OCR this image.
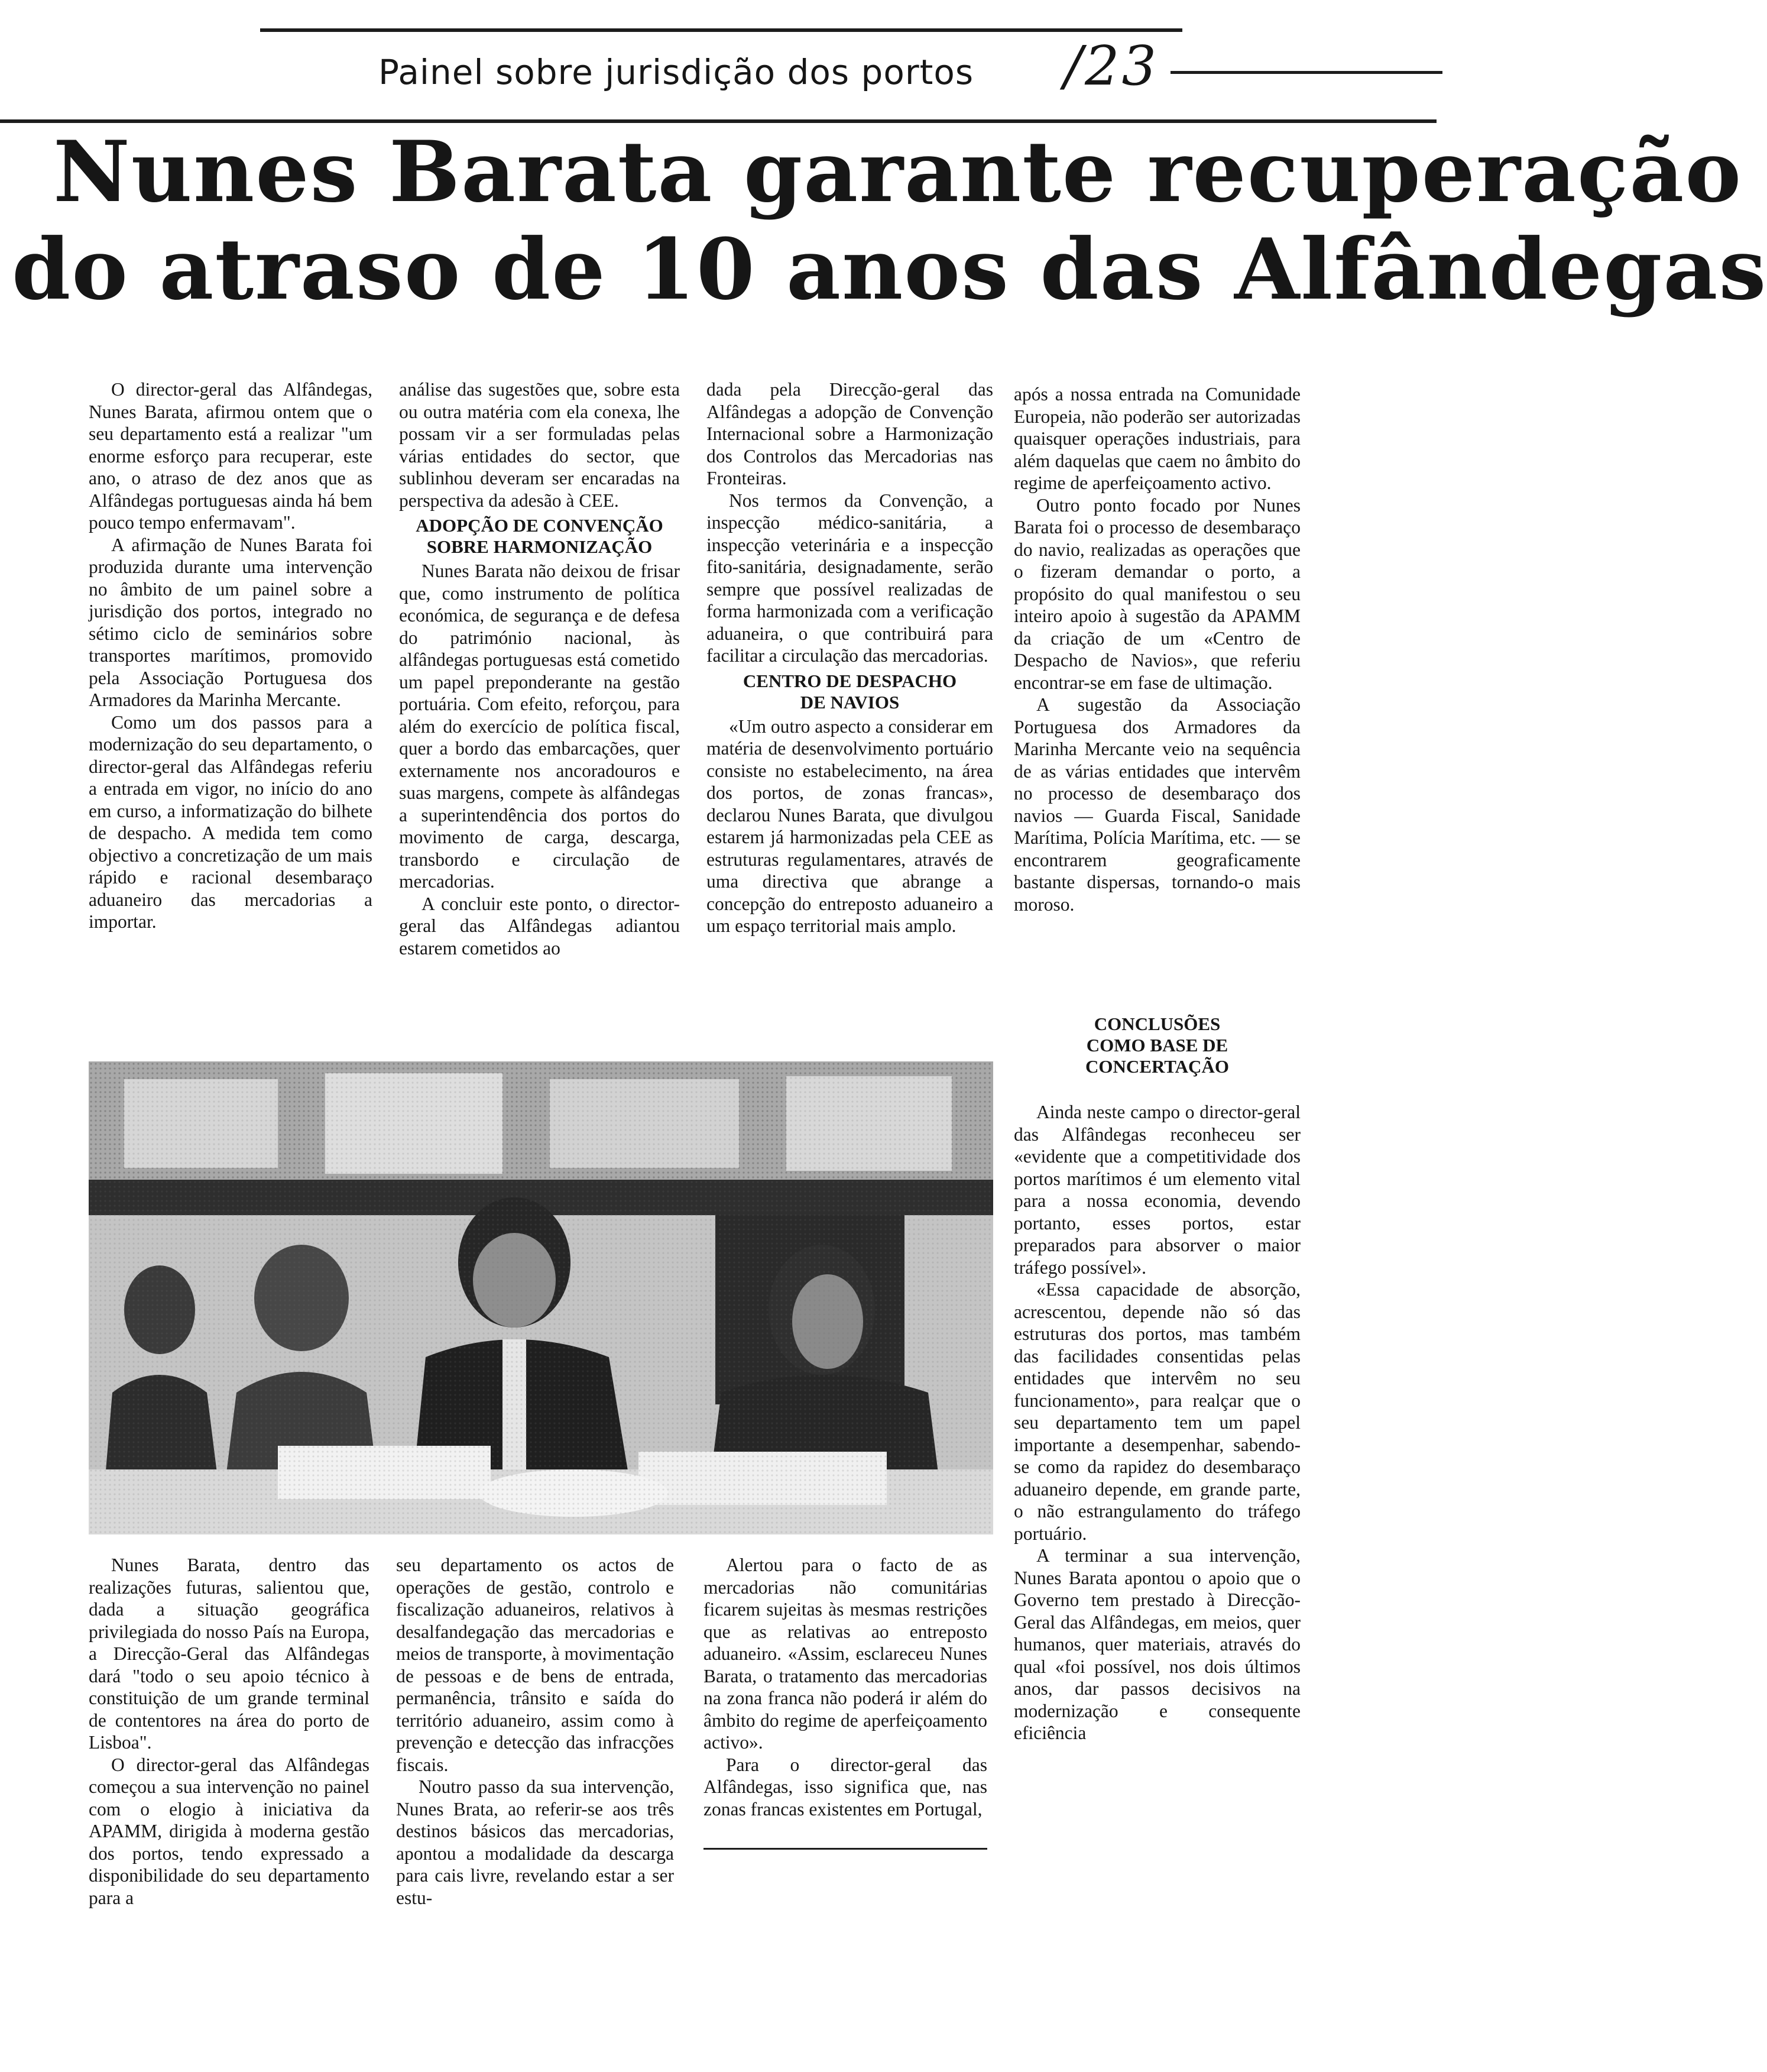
Painel sobre jurisdição dos portos /23
Nunes Barata garante recuperação
do atraso de 10 anos das Alfândegas

O director-geral das Alfândegas, Nunes Barata, afirmou ontem que o seu departamento está a realizar "um enorme esforço para recuperar, este ano, o atraso de dez anos que as Alfândegas portuguesas ainda há bem pouco tempo enfermavam".

A afirmação de Nunes Barata foi produzida durante uma intervenção no âmbito de um painel sobre a jurisdição dos portos, integrado no sétimo ciclo de seminários sobre transportes marítimos, promovido pela Associação Portuguesa dos Armadores da Marinha Mercante.

Como um dos passos para a modernização do seu departamento, o director-geral das Alfândegas referiu a entrada em vigor, no início do ano em curso, a informatização do bilhete de despacho. A medida tem como objectivo a concretização de um mais rápido e racional desembaraço aduaneiro das mercadorias a importar.

análise das sugestões que, sobre esta ou outra matéria com ela conexa, lhe possam vir a ser formuladas pelas várias entidades do sector, que sublinhou deveram ser encaradas na perspectiva da adesão à CEE.

ADOPÇÃO DE CONVENÇÃO SOBRE HARMONIZAÇÃO

Nunes Barata não deixou de frisar que, como instrumento de política económica, de segurança e de defesa do património nacional, às alfândegas portuguesas está cometido um papel preponderante na gestão portuária. Com efeito, reforçou, para além do exercício de política fiscal, quer a bordo das embarcações, quer externamente nos ancoradouros e suas margens, compete às alfândegas a superintendência dos portos do movimento de carga, descarga, transbordo e circulação de mercadorias.

A concluir este ponto, o director-geral das Alfândegas adiantou estarem cometidos ao

dada pela Direcção-geral das Alfândegas a adopção de Convenção Internacional sobre a Harmonização dos Controlos das Mercadorias nas Fronteiras.

Nos termos da Convenção, a inspecção médico-sanitária, a inspecção veterinária e a inspecção fito-sanitária, designadamente, serão sempre que possível realizadas de forma harmonizada com a verificação aduaneira, o que contribuirá para facilitar a circulação das mercadorias.

CENTRO DE DESPACHO DE NAVIOS

«Um outro aspecto a considerar em matéria de desenvolvimento portuário consiste no estabelecimento, na área dos portos, de zonas francas», declarou Nunes Barata, que divulgou estarem já harmonizadas pela CEE as estruturas regulamentares, através de uma directiva que abrange a concepção do entreposto aduaneiro a um espaço territorial mais amplo.

após a nossa entrada na Comunidade Europeia, não poderão ser autorizadas quaisquer operações industriais, para além daquelas que caem no âmbito do regime de aperfeiçoamento activo.

Outro ponto focado por Nunes Barata foi o processo de desembaraço do navio, realizadas as operações que o fizeram demandar o porto, a propósito do qual manifestou o seu inteiro apoio à sugestão da APAMM da criação de um «Centro de Despacho de Navios», que referiu encontrar-se em fase de ultimação.

A sugestão da Associação Portuguesa dos Armadores da Marinha Mercante veio na sequência de as várias entidades que intervêm no processo de desembaraço dos navios — Guarda Fiscal, Sanidade Marítima, Polícia Marítima, etc. — se encontrarem geograficamente bastante dispersas, tornando-o mais moroso.

CONCLUSÕES COMO BASE DE CONCERTAÇÃO

Ainda neste campo o director-geral das Alfândegas reconheceu ser «evidente que a competitividade dos portos marítimos é um elemento vital para a nossa economia, devendo portanto, esses portos, estar preparados para absorver o maior tráfego possível».

«Essa capacidade de absorção, acrescentou, depende não só das estruturas dos portos, mas também das facilidades consentidas pelas entidades que intervêm no seu funcionamento», para realçar que o seu departamento tem um papel importante a desempenhar, sabendo-se como da rapidez do desembaraço aduaneiro depende, em grande parte, o não estrangulamento do tráfego portuário.

A terminar a sua intervenção, Nunes Barata apontou o apoio que o Governo tem prestado à Direcção-Geral das Alfândegas, em meios, quer humanos, quer materiais, através do qual «foi possível, nos dois últimos anos, dar passos decisivos na modernização e consequente eficiência

Nunes Barata, dentro das realizações futuras, salientou que, dada a situação geográfica privilegiada do nosso País na Europa, a Direcção-Geral das Alfândegas dará "todo o seu apoio técnico à constituição de um grande terminal de contentores na área do porto de Lisboa".

O director-geral das Alfândegas começou a sua intervenção no painel com o elogio à iniciativa da APAMM, dirigida à moderna gestão dos portos, tendo expressado a disponibilidade do seu departamento para a

seu departamento os actos de operações de gestão, controlo e fiscalização aduaneiros, relativos à desalfandegação das mercadorias e meios de transporte, à movimentação de pessoas e de bens de entrada, permanência, trânsito e saída do território aduaneiro, assim como à prevenção e detecção das infracções fiscais.

Noutro passo da sua intervenção, Nunes Brata, ao referir-se aos três destinos básicos das mercadorias, apontou a modalidade da descarga para cais livre, revelando estar a ser estu-

Alertou para o facto de as mercadorias não comunitárias ficarem sujeitas às mesmas restrições que as relativas ao entreposto aduaneiro. «Assim, esclareceu Nunes Barata, o tratamento das mercadorias na zona franca não poderá ir além do âmbito do regime de aperfeiçoamento activo».

Para o director-geral das Alfândegas, isso significa que, nas zonas francas existentes em Portugal,
